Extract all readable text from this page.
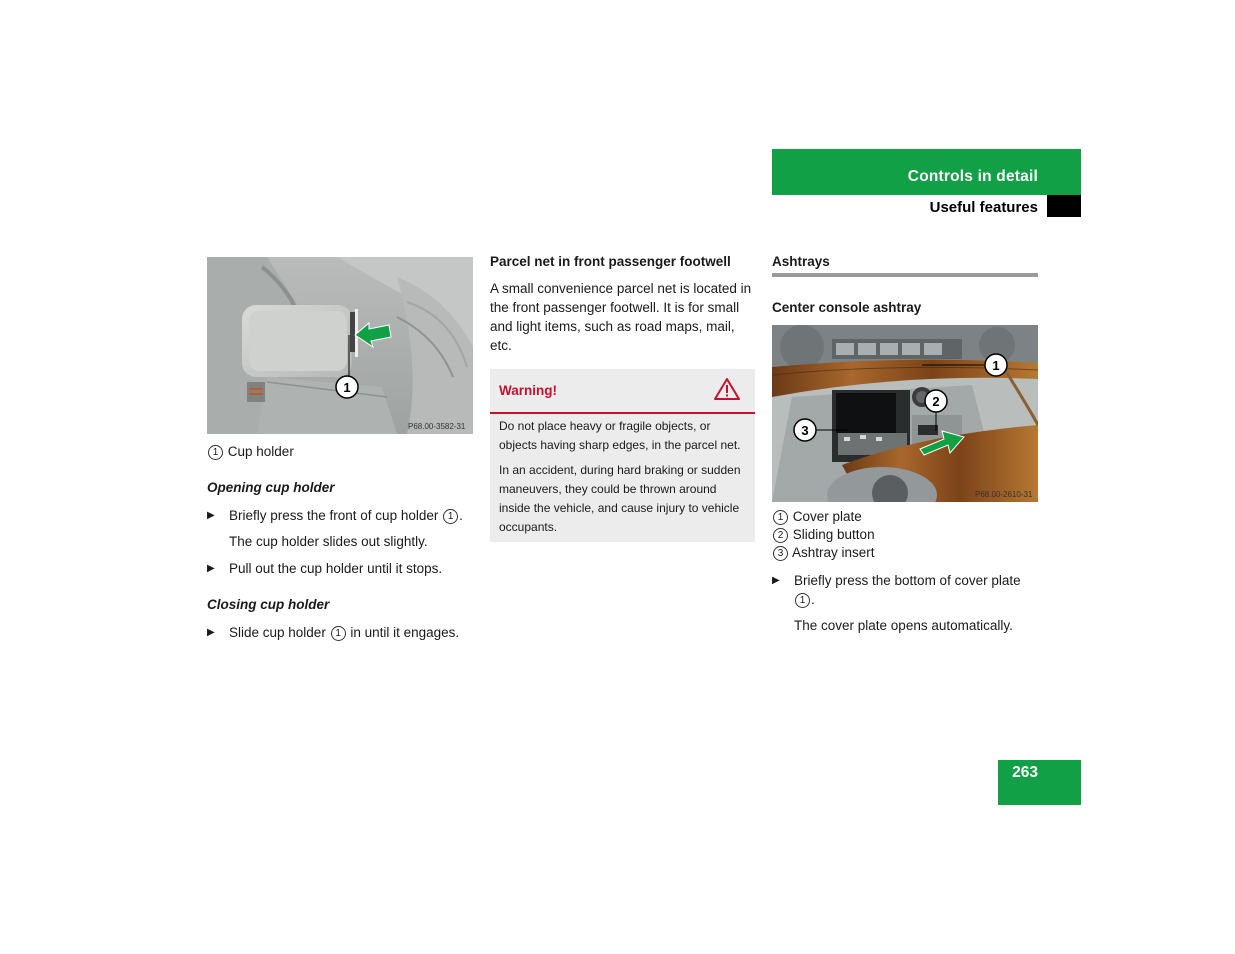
Controls in detail
Useful features
1
P68.00-3582-31
1 Cup holder
Opening cup holder
▶	Briefly press the front of cup holder 1 .
The cup holder slides out slightly.
▶	Pull out the cup holder until it stops.
Closing cup holder
▶	Slide cup holder 1 in until it engages.
Parcel net in front passenger footwell
A small convenience parcel net is located in the front passenger footwell. It is for small and light items, such as road maps, mail, etc.
Warning!
Do not place heavy or fragile objects, or objects having sharp edges, in the parcel net.
In an accident, during hard braking or sudden maneuvers, they could be thrown around inside the vehicle, and cause injury to vehicle occupants.
Ashtrays
Center console ashtray
1
2
3
P68.00-2610-31
1 Cover plate
2 Sliding button
3 Ashtray insert
▶	Briefly press the bottom of cover plate 1 .
The cover plate opens automatically.
263
